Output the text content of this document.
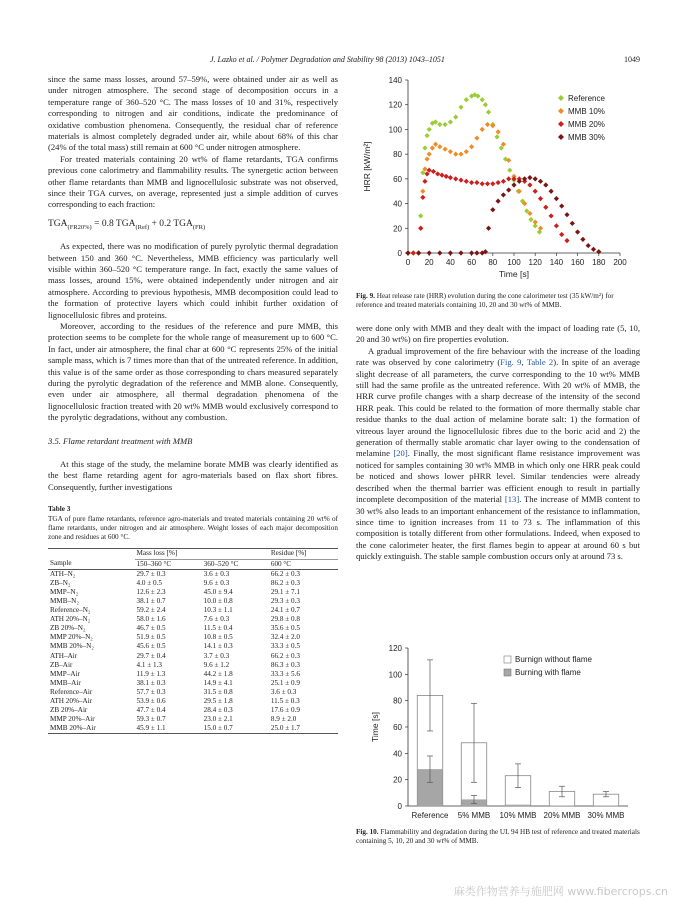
J. Lazko et al. / Polymer Degradation and Stability 98 (2013) 1043–1051	1049

since the same mass losses, around 57–59%, were obtained under air as well as under nitrogen atmosphere. The second stage of decomposition occurs in a temperature range of 360–520 °C. The mass losses of 10 and 31%, respectively corresponding to nitrogen and air conditions, indicate the predominance of oxidative combustion phenomena. Consequently, the residual char of reference materials is almost completely degraded under air, while about 68% of this char (24% of the total mass) still remain at 600 °C under nitrogen atmosphere.

For treated materials containing 20 wt% of flame retardants, TGA confirms previous cone calorimetry and flammability results. The synergetic action between other flame retardants than MMB and lignocellulosic substrate was not observed, since their TGA curves, on average, represented just a simple addition of curves corresponding to each fraction:

$TGA_{(FR20\%)} = 0.8$ $TGA_{(Ref)} + 0.2$ $TGA_{(FR)}$

As expected, there was no modification of purely pyrolytic thermal degradation between 150 and 360 °C. Nevertheless, MMB efficiency was particularly well visible within 360–520 °C temperature range. In fact, exactly the same values of mass losses, around 15%, were obtained independently under nitrogen and air atmosphere. According to previous hypothesis, MMB decomposition could lead to the formation of protective layers which could inhibit further oxidation of lignocellulosic fibres and proteins.

Moreover, according to the residues of the reference and pure MMB, this protection seems to be complete for the whole range of measurement up to 600 °C. In fact, under air atmosphere, the final char at 600 °C represents 25% of the initial sample mass, which is 7 times more than that of the untreated reference. In addition, this value is of the same order as those corresponding to chars measured separately during the pyrolytic degradation of the reference and MMB alone. Consequently, even under air atmosphere, all thermal degradation phenomena of the lignocellulosic fraction treated with 20 wt% MMB would exclusively correspond to the pyrolytic degradations, without any combustion.

3.5. Flame retardant treatment with MMB

At this stage of the study, the melamine borate MMB was clearly identified as the best flame retarding agent for agro-materials based on flax short fibres. Consequently, further investigations

Table 3
TGA of pure flame retardants, reference agro-materials and treated materials containing 20 wt% of flame retardants, under nitrogen and air atmosphere. Weight losses of each major decomposition zone and residues at 600 °C.
	Mass loss [%]		Residue [%]
Sample	150–360 °C	360–520 °C	600 °C
ATH–N₂	29.7 ± 0.3	3.6 ± 0.3	66.2 ± 0.3
ZB–N₂	4.0 ± 0.5	9.6 ± 0.3	86.2 ± 0.3
MMP–N₂	12.6 ± 2.3	45.0 ± 9.4	29.1 ± 7.1
MMB–N₂	38.1 ± 0.7	10.0 ± 0.8	29.3 ± 0.3
Reference–N₂	59.2 ± 2.4	10.3 ± 1.1	24.1 ± 0.7
ATH 20%–N₂	58.0 ± 1.6	7.6 ± 0.3	29.8 ± 0.8
ZB 20%–N₂	46.7 ± 0.5	11.5 ± 0.4	35.6 ± 0.5
MMP 20%–N₂	51.9 ± 0.5	10.8 ± 0.5	32.4 ± 2.0
MMB 20%–N₂	45.6 ± 0.5	14.1 ± 0.3	33.3 ± 0.5
ATH–Air	29.7 ± 0.4	3.7 ± 0.3	66.2 ± 0.3
ZB–Air	4.1 ± 1.3	9.6 ± 1.2	86.3 ± 0.3
MMP–Air	11.9 ± 1.3	44.2 ± 1.8	33.3 ± 5.6
MMB–Air	38.1 ± 0.3	14.9 ± 4.1	25.1 ± 0.9
Reference–Air	57.7 ± 0.3	31.5 ± 0.8	3.6 ± 0.3
ATH 20%–Air	53.9 ± 0.6	29.5 ± 1.8	11.5 ± 0.3
ZB 20%–Air	47.7 ± 0.4	28.4 ± 0.3	17.6 ± 0.9
MMP 20%–Air	59.3 ± 0.7	23.0 ± 2.1	8.9 ± 2.0
MMB 20%–Air	45.9 ± 1.1	15.0 ± 0.7	25.0 ± 1.7
0
20
40
60
80
100
120
140
0 20 40 60 80 100 120 140 160 180 200
Time [s]
HRR [kW/m²]
Reference
MMB 10%
MMB 20%
MMB 30%
Fig. 9. Heat release rate (HRR) evolution during the cone calorimeter test (35 kW/m²) for reference and treated materials containing 10, 20 and 30 wt% of MMB.

were done only with MMB and they dealt with the impact of loading rate (5, 10, 20 and 30 wt%) on fire properties evolution.

A gradual improvement of the fire behaviour with the increase of the loading rate was observed by cone calorimetry (Fig. 9, Table 2). In spite of an average slight decrease of all parameters, the curve corresponding to the 10 wt% MMB still had the same profile as the untreated reference. With 20 wt% of MMB, the HRR curve profile changes with a sharp decrease of the intensity of the second HRR peak. This could be related to the formation of more thermally stable char residue thanks to the dual action of melamine borate salt: 1) the formation of vitreous layer around the lignocellulosic fibres due to the boric acid and 2) the generation of thermally stable aromatic char layer owing to the condensation of melamine [20]. Finally, the most significant flame resistance improvement was noticed for samples containing 30 wt% MMB in which only one HRR peak could be noticed and shows lower pHRR level. Similar tendencies were already described when the thermal barrier was efficient enough to result in partially incomplete decomposition of the material [13]. The increase of MMB content to 30 wt% also leads to an important enhancement of the resistance to inflammation, since time to ignition increases from 11 to 73 s. The inflammation of this composition is totally different from other formulations. Indeed, when exposed to the cone calorimeter heater, the first flames begin to appear at around 60 s but quickly extinguish. The stable sample combustion occurs only at around 73 s.

0
20
40
60
80
100
120
Time [s]
Reference 5% MMB 10% MMB 20% MMB 30% MMB
Burnign without flame
Burning with flame
Fig. 10. Flammability and degradation during the UL 94 HB test of reference and treated materials containing 5, 10, 20 and 30 wt% of MMB.
麻类作物营养与施肥网 www.fibercrops.cn
